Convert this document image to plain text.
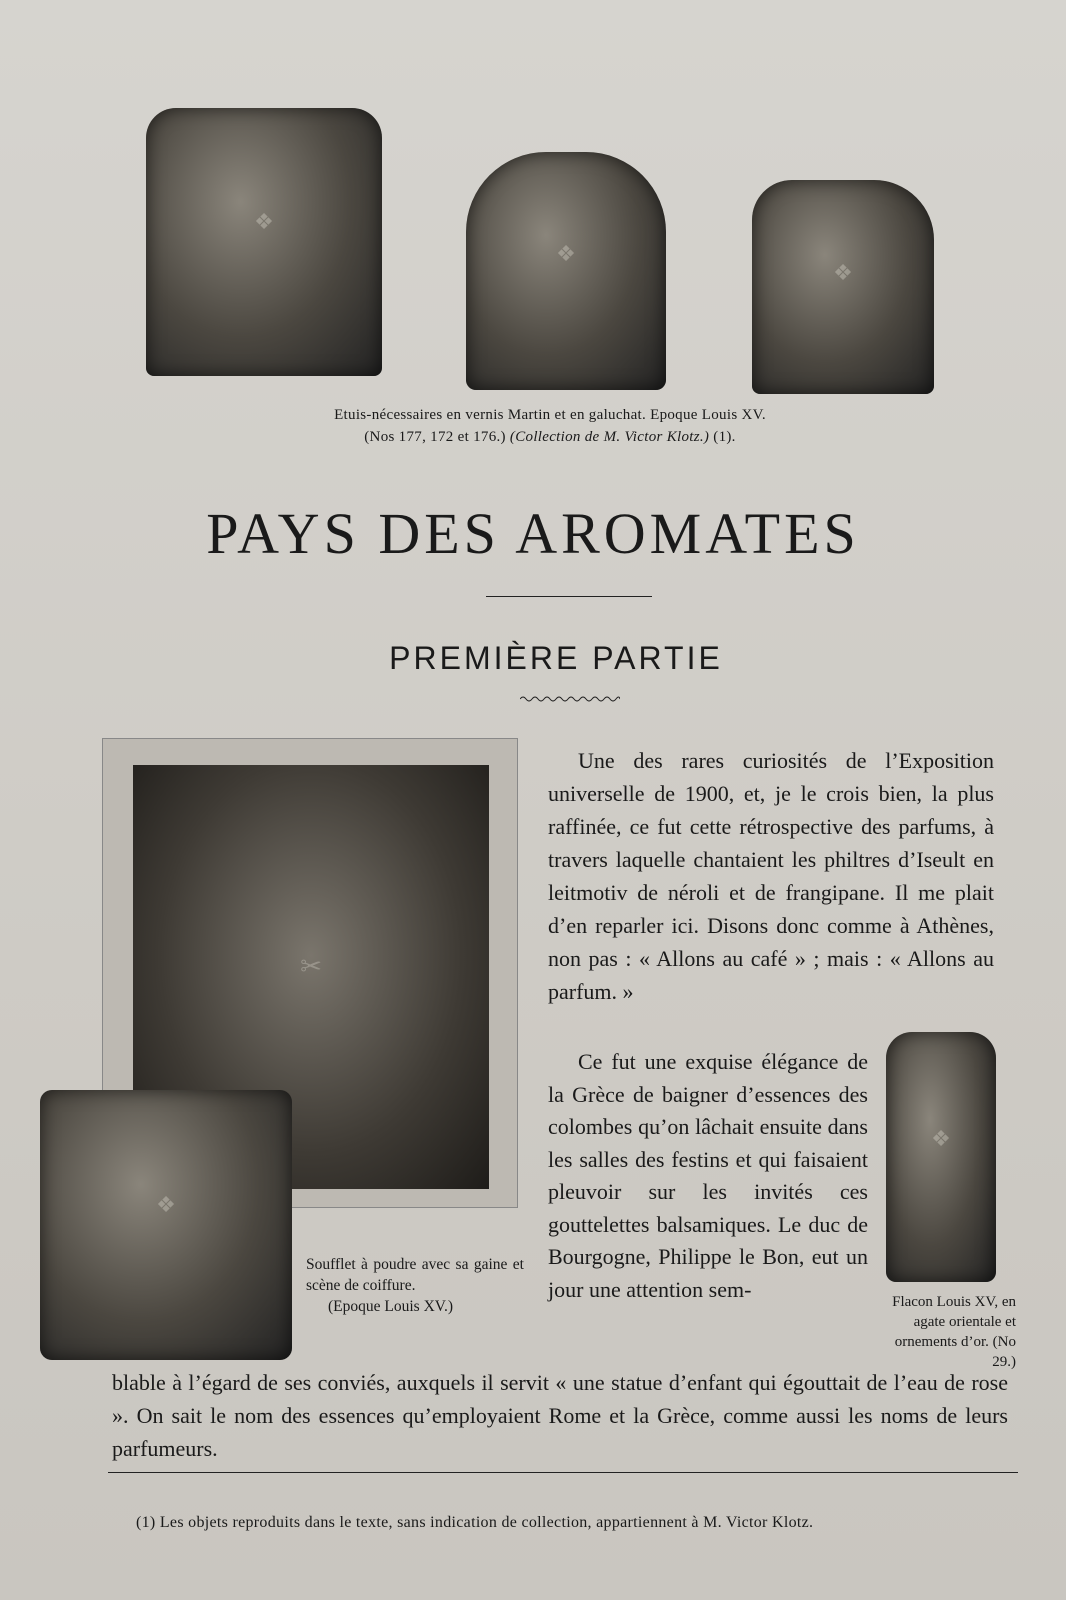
❖
❖
❖
Etuis-nécessaires en vernis Martin et en galuchat. Epoque Louis XV.
(Nos 177, 172 et 176.) (Collection de M. Victor Klotz.) (1).
PAYS DES AROMATES
PREMIÈRE PARTIE
✂
❖
❖

Une des rares curiosités de l’Exposition universelle de 1900, et, je le crois bien, la plus raffinée, ce fut cette rétrospective des parfums, à travers laquelle chantaient les philtres d’Iseult en leitmotiv de néroli et de frangipane. Il me plait d’en reparler ici. Disons donc comme à Athènes, non pas : « Allons au café » ; mais : « Allons au parfum. »

Ce fut une exquise élégance de la Grèce de baigner d’essences des colombes qu’on lâchait ensuite dans les salles des festins et qui faisaient pleuvoir sur les invités ces gouttelettes balsamiques. Le duc de Bourgogne, Philippe le Bon, eut un jour une attention sem-

Soufflet à poudre avec sa gaine et scène de coiffure.
(Epoque Louis XV.)	Flacon Louis XV, en agate orientale et ornements d’or. (No 29.)

blable à l’égard de ses conviés, auxquels il servit « une statue d’enfant qui égouttait de l’eau de rose ». On sait le nom des essences qu’employaient Rome et la Grèce, comme aussi les noms de leurs parfumeurs.

(1) Les objets reproduits dans le texte, sans indication de collection, appartiennent à M. Victor Klotz.
